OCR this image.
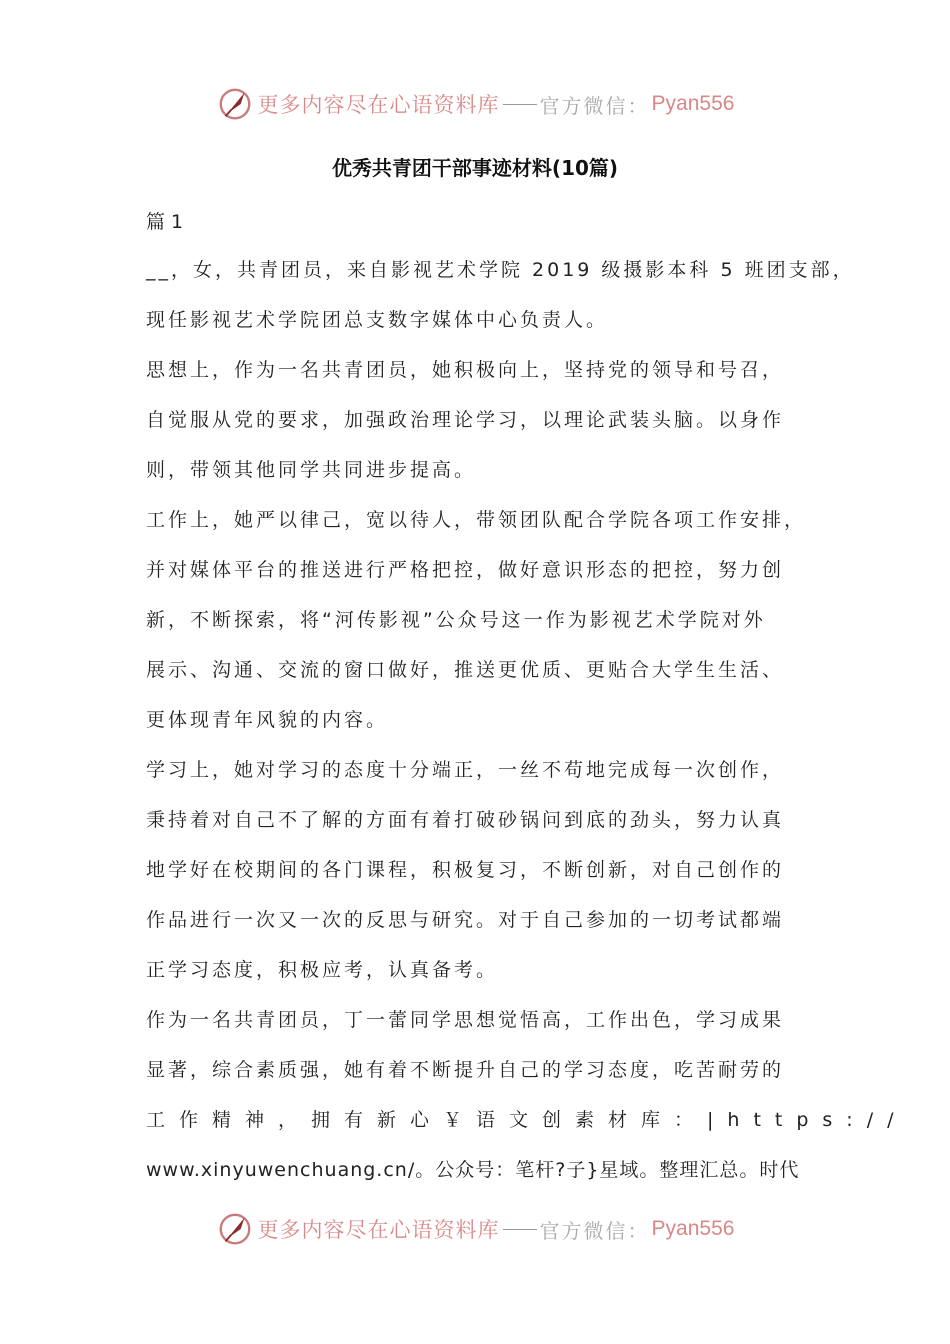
更多内容尽在心语资料库 官方微信： Pyan556
优秀共青团干部事迹材料(10篇)
篇 1
__，女，共青团员，来自影视艺术学院 2019 级摄影本科 5 班团支部，
现任影视艺术学院团总支数字媒体中心负责人。
思想上，作为一名共青团员，她积极向上，坚持党的领导和号召，
自觉服从党的要求，加强政治理论学习，以理论武装头脑。以身作
则，带领其他同学共同进步提高。
工作上，她严以律己，宽以待人，带领团队配合学院各项工作安排，
并对媒体平台的推送进行严格把控，做好意识形态的把控，努力创
新，不断探索，将“河传影视”公众号这一作为影视艺术学院对外
展示、沟通、交流的窗口做好，推送更优质、更贴合大学生生活、
更体现青年风貌的内容。
学习上，她对学习的态度十分端正，一丝不苟地完成每一次创作，
秉持着对自己不了解的方面有着打破砂锅问到底的劲头，努力认真
地学好在校期间的各门课程，积极复习，不断创新，对自己创作的
作品进行一次又一次的反思与研究。对于自己参加的一切考试都端
正学习态度，积极应考，认真备考。
作为一名共青团员，丁一蕾同学思想觉悟高，工作出色，学习成果
显著，综合素质强，她有着不断提升自己的学习态度，吃苦耐劳的
工作精神，拥有新心￥语文创素材库：|https://
www.xinyuwenchuang.cn/。公众号：笔杆?子}星域。整理汇总。时代
更多内容尽在心语资料库 官方微信： Pyan556
